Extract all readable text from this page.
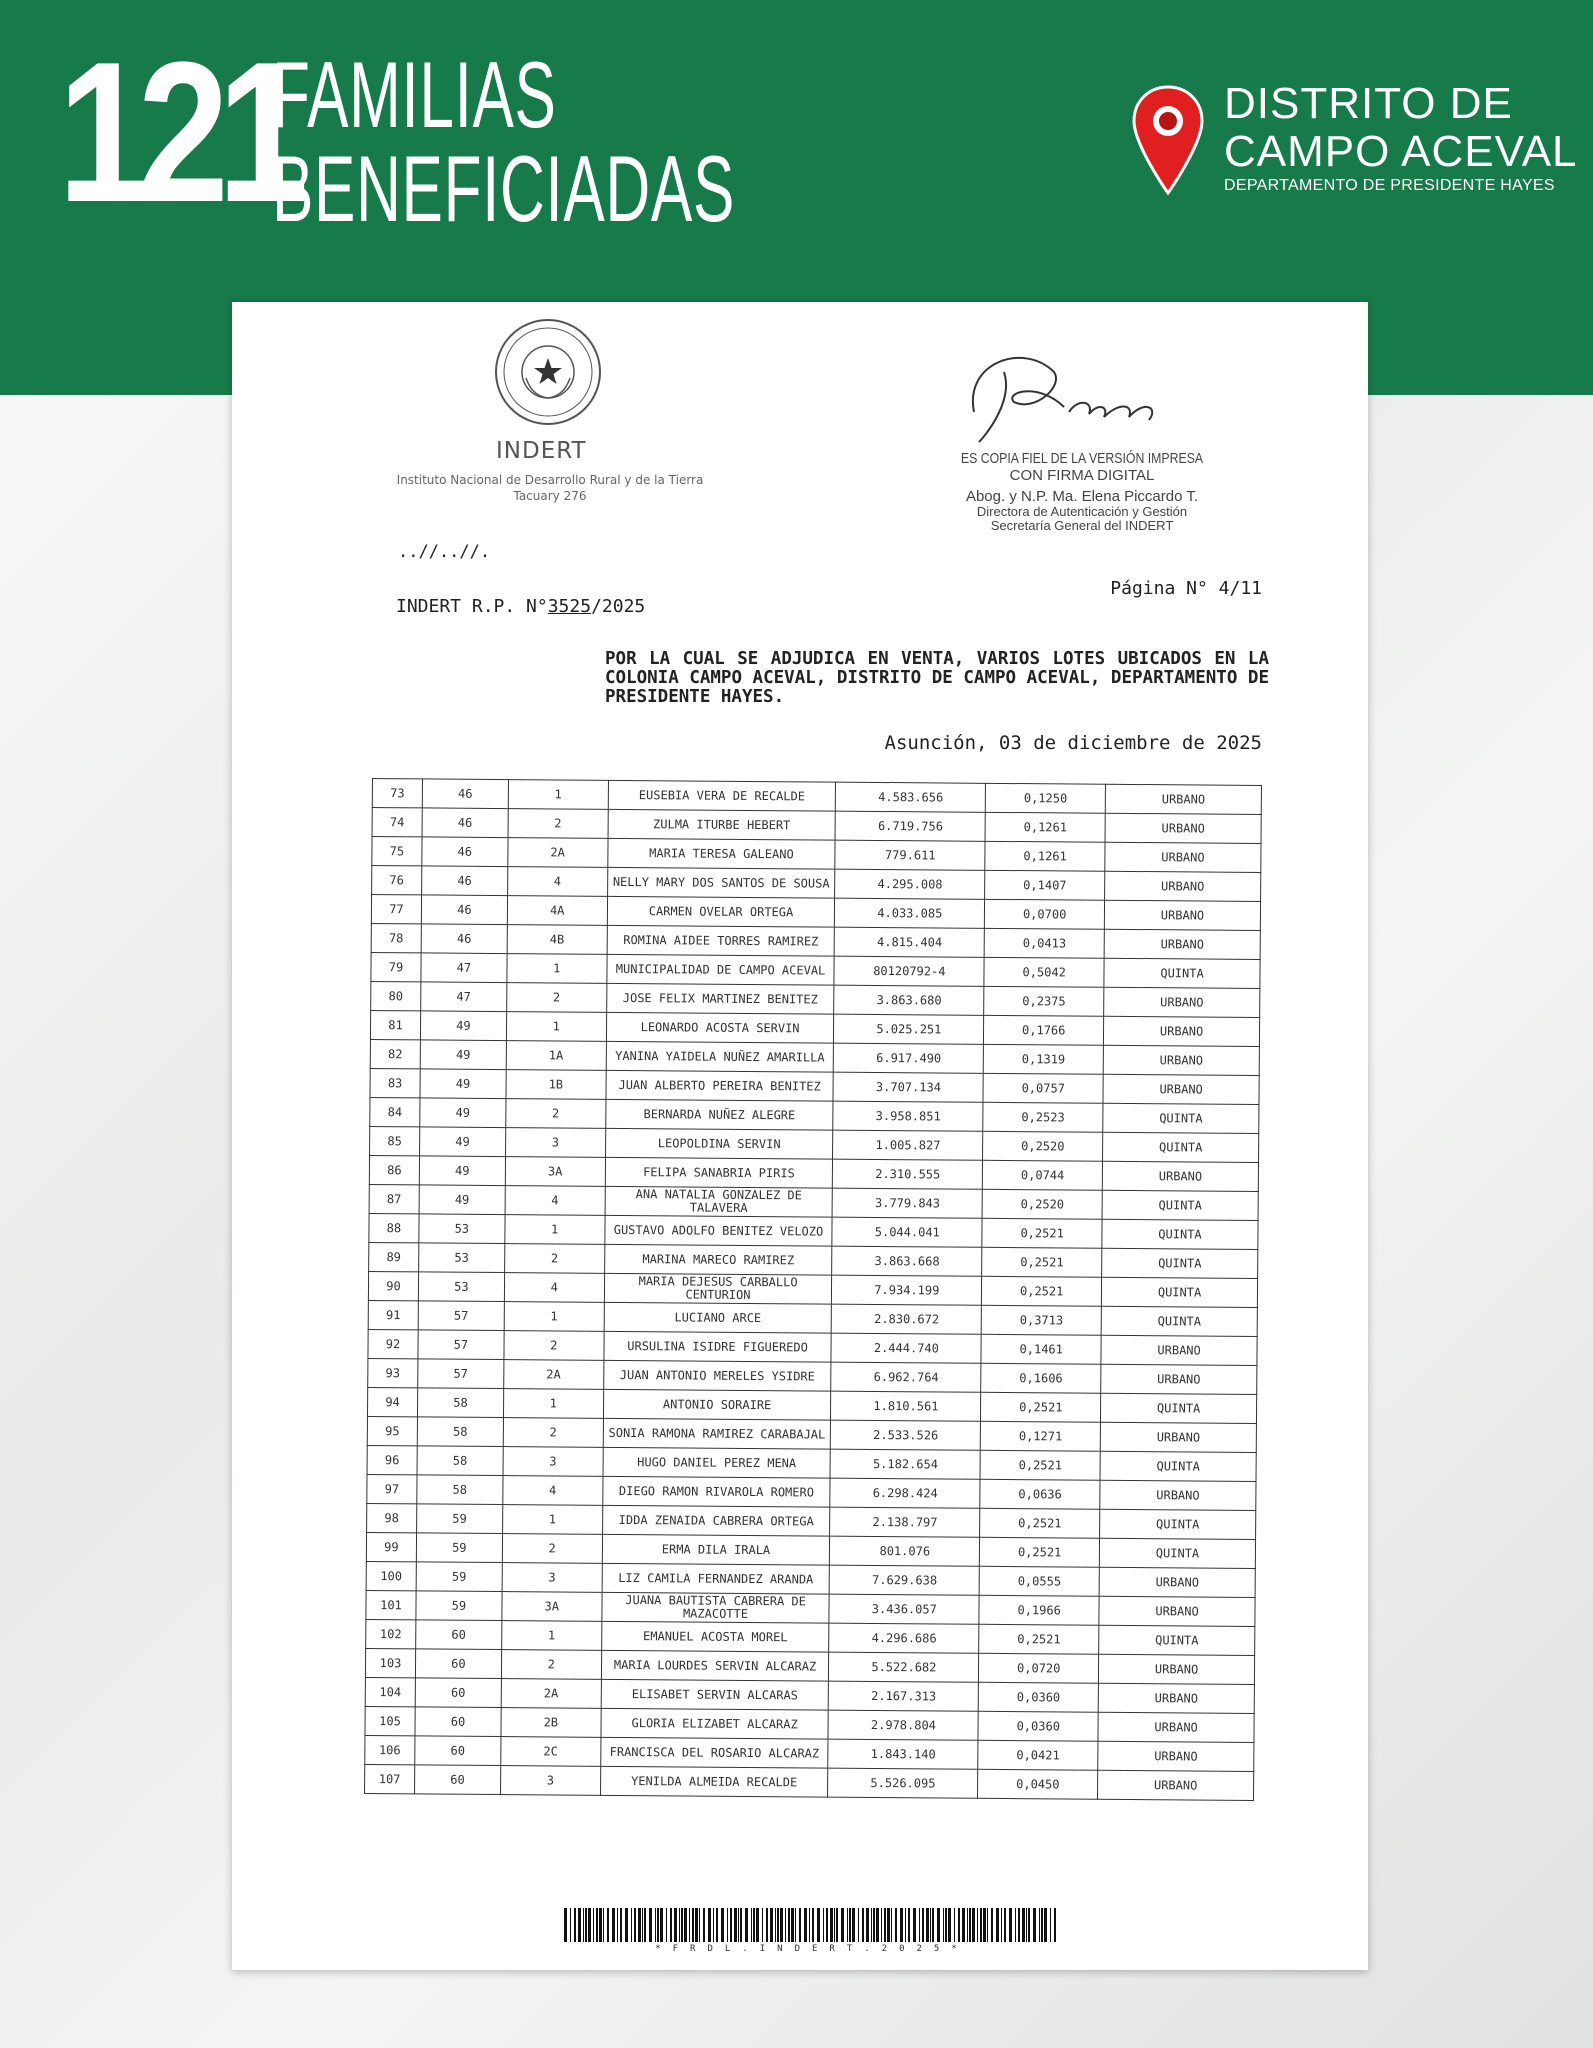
121
FAMILIAS
BENEFICIADAS
DISTRITO DE
CAMPO ACEVAL
DEPARTAMENTO DE PRESIDENTE HAYES
INDERT
Instituto Nacional de Desarrollo Rural y de la Tierra
Tacuary 276
ES COPIA FIEL DE LA VERSIÓN IMPRESA
CON FIRMA DIGITAL
Abog. y N.P. Ma. Elena Piccardo T.
Directora de Autenticación y Gestión
Secretaría General del INDERT
..//..//.
Página N° 4/11
INDERT R.P. N°3525/2025
POR LA CUAL SE ADJUDICA EN VENTA, VARIOS LOTES UBICADOS EN LA COLONIA CAMPO ACEVAL, DISTRITO DE CAMPO ACEVAL, DEPARTAMENTO DE PRESIDENTE HAYES.
Asunción, 03 de diciembre de 2025
73	46	1	EUSEBIA VERA DE RECALDE	4.583.656	0,1250	URBANO
74	46	2	ZULMA ITURBE HEBERT	6.719.756	0,1261	URBANO
75	46	2A	MARIA TERESA GALEANO	779.611	0,1261	URBANO
76	46	4	NELLY MARY DOS SANTOS DE SOUSA	4.295.008	0,1407	URBANO
77	46	4A	CARMEN OVELAR ORTEGA	4.033.085	0,0700	URBANO
78	46	4B	ROMINA AIDEE TORRES RAMIREZ	4.815.404	0,0413	URBANO
79	47	1	MUNICIPALIDAD DE CAMPO ACEVAL	80120792-4	0,5042	QUINTA
80	47	2	JOSE FELIX MARTINEZ BENITEZ	3.863.680	0,2375	URBANO
81	49	1	LEONARDO ACOSTA SERVIN	5.025.251	0,1766	URBANO
82	49	1A	YANINA YAIDELA NUÑEZ AMARILLA	6.917.490	0,1319	URBANO
83	49	1B	JUAN ALBERTO PEREIRA BENITEZ	3.707.134	0,0757	URBANO
84	49	2	BERNARDA NUÑEZ ALEGRE	3.958.851	0,2523	QUINTA
85	49	3	LEOPOLDINA SERVIN	1.005.827	0,2520	QUINTA
86	49	3A	FELIPA SANABRIA PIRIS	2.310.555	0,0744	URBANO
87	49	4	ANA NATALIA GONZALEZ DE TALAVERA	3.779.843	0,2520	QUINTA
88	53	1	GUSTAVO ADOLFO BENITEZ VELOZO	5.044.041	0,2521	QUINTA
89	53	2	MARINA MARECO RAMIREZ	3.863.668	0,2521	QUINTA
90	53	4	MARIA DEJESUS CARBALLO CENTURION	7.934.199	0,2521	QUINTA
91	57	1	LUCIANO ARCE	2.830.672	0,3713	QUINTA
92	57	2	URSULINA ISIDRE FIGUEREDO	2.444.740	0,1461	URBANO
93	57	2A	JUAN ANTONIO MERELES YSIDRE	6.962.764	0,1606	URBANO
94	58	1	ANTONIO SORAIRE	1.810.561	0,2521	QUINTA
95	58	2	SONIA RAMONA RAMIREZ CARABAJAL	2.533.526	0,1271	URBANO
96	58	3	HUGO DANIEL PEREZ MENA	5.182.654	0,2521	QUINTA
97	58	4	DIEGO RAMON RIVAROLA ROMERO	6.298.424	0,0636	URBANO
98	59	1	IDDA ZENAIDA CABRERA ORTEGA	2.138.797	0,2521	QUINTA
99	59	2	ERMA DILA IRALA	801.076	0,2521	QUINTA
100	59	3	LIZ CAMILA FERNANDEZ ARANDA	7.629.638	0,0555	URBANO
101	59	3A	JUANA BAUTISTA CABRERA DE MAZACOTTE	3.436.057	0,1966	URBANO
102	60	1	EMANUEL ACOSTA MOREL	4.296.686	0,2521	QUINTA
103	60	2	MARIA LOURDES SERVIN ALCARAZ	5.522.682	0,0720	URBANO
104	60	2A	ELISABET SERVIN ALCARAS	2.167.313	0,0360	URBANO
105	60	2B	GLORIA ELIZABET ALCARAZ	2.978.804	0,0360	URBANO
106	60	2C	FRANCISCA DEL ROSARIO ALCARAZ	1.843.140	0,0421	URBANO
107	60	3	YENILDA ALMEIDA RECALDE	5.526.095	0,0450	URBANO
*FRDL.INDERT.2025*
